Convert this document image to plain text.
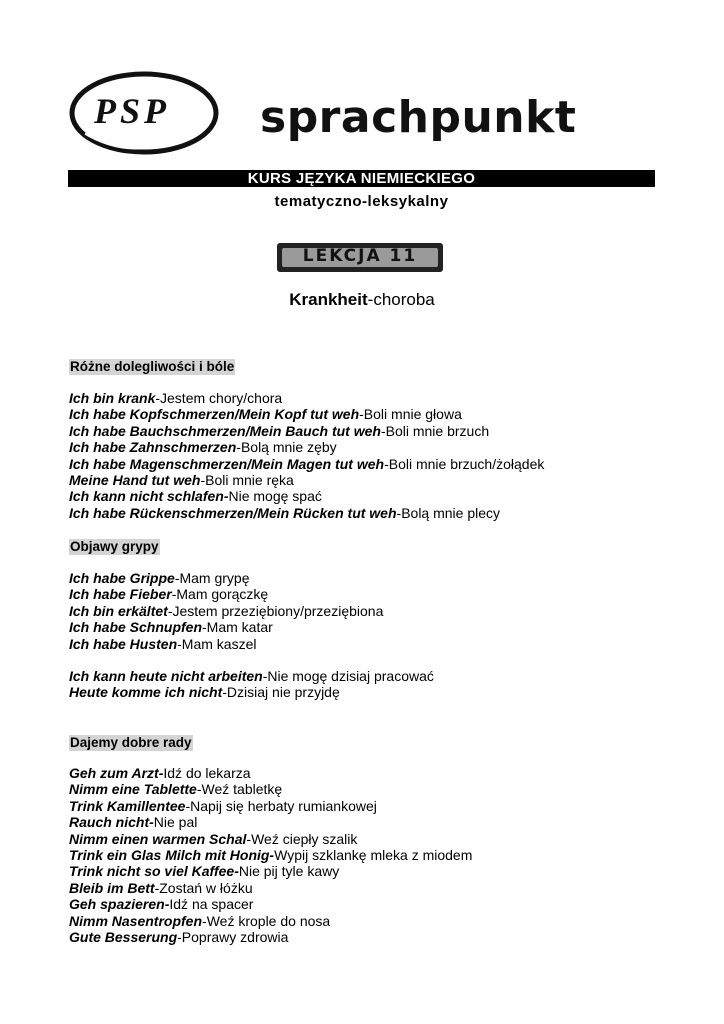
PSP sprachpunkt
KURS JĘZYKA NIEMIECKIEGO
tematyczno-leksykalny
LEKCJA 11
Krankheit-choroba
Różne dolegliwości i bóle
Ich bin krank-Jestem chory/chora
Ich habe Kopfschmerzen/Mein Kopf tut weh-Boli mnie głowa
Ich habe Bauchschmerzen/Mein Bauch tut weh-Boli mnie brzuch
Ich habe Zahnschmerzen-Bolą mnie zęby
Ich habe Magenschmerzen/Mein Magen tut weh-Boli mnie brzuch/żołądek
Meine Hand tut weh-Boli mnie ręka
Ich kann nicht schlafen-Nie mogę spać
Ich habe Rückenschmerzen/Mein Rücken tut weh-Bolą mnie plecy
Objawy grypy
Ich habe Grippe-Mam grypę
Ich habe Fieber-Mam gorączkę
Ich bin erkältet-Jestem przeziębiony/przeziębiona
Ich habe Schnupfen-Mam katar
Ich habe Husten-Mam kaszel
Ich kann heute nicht arbeiten-Nie mogę dzisiaj pracować
Heute komme ich nicht-Dzisiaj nie przyjdę
Dajemy dobre rady
Geh zum Arzt-Idź do lekarza
Nimm eine Tablette-Weź tabletkę
Trink Kamillentee-Napij się herbaty rumiankowej
Rauch nicht-Nie pal
Nimm einen warmen Schal-Weź ciepły szalik
Trink ein Glas Milch mit Honig-Wypij szklankę mleka z miodem
Trink nicht so viel Kaffee-Nie pij tyle kawy
Bleib im Bett-Zostań w łóżku
Geh spazieren-Idź na spacer
Nimm Nasentropfen-Weź krople do nosa
Gute Besserung-Poprawy zdrowia
